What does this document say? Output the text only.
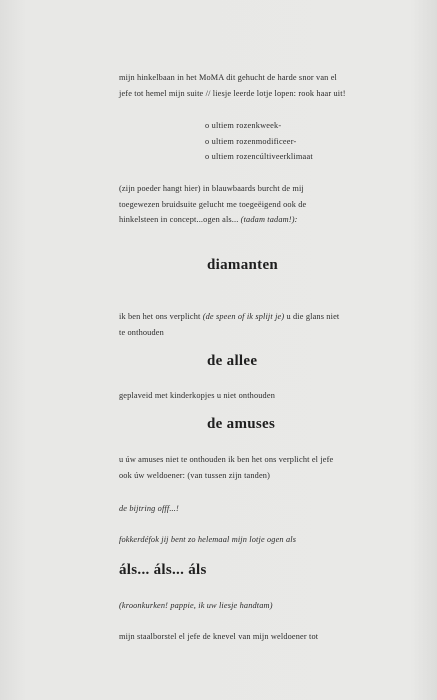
mijn hinkelbaan in het MoMA dit gehucht de harde snor van el
jefe tot hemel mijn suite // liesje leerde lotje lopen: rook haar uit!
o ultiem rozenkweek-
o ultiem rozenmodificeer-
o ultiem rozencúltiveerklimaat
(zijn poeder hangt hier) in blauwbaards burcht de mij
toegewezen bruidsuite gelucht me toegeëigend ook de
hinkelsteen in concept...ogen als... (tadam tadam!):
diamanten
ik ben het ons verplicht (de speen of ik splijt je) u die glans niet
te onthouden
de allee
geplaveid met kinderkopjes u niet onthouden
de amuses
u úw amuses niet te onthouden ik ben het ons verplicht el jefe
ook úw weldoener: (van tussen zijn tanden)
de bijtring offf...!
fokkerdéfok jij bent zo helemaal mijn lotje ogen als
áls... áls... áls
(kroonkurken! pappie, ik uw liesje handtam)
mijn staalborstel el jefe de knevel van mijn weldoener tot
